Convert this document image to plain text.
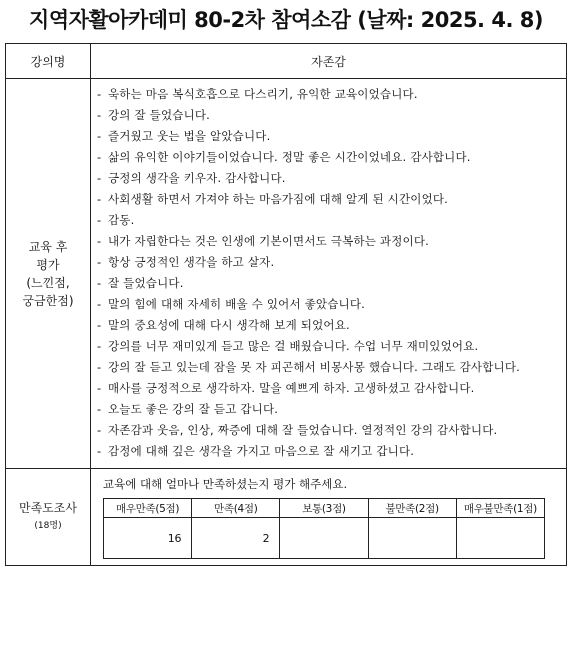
지역자활아카데미 80-2차 참여소감 (날짜: 2025. 4. 8)
강의명	자존감

교육 후
평가
(느낀점,
궁금한점)

- 욱하는 마음 복식호흡으로 다스리기, 유익한 교육이었습니다.
- 강의 잘 들었습니다.
- 즐거웠고 웃는 법을 알았습니다.
- 삶의 유익한 이야기들이었습니다. 정말 좋은 시간이었네요. 감사합니다.
- 긍정의 생각을 키우자. 감사합니다.
- 사회생활 하면서 가져야 하는 마음가짐에 대해 알게 된 시간이었다.
- 감동.
- 내가 자립한다는 것은 인생에 기본이면서도 극복하는 과정이다.
- 항상 긍정적인 생각을 하고 살자.
- 잘 들었습니다.
- 말의 힘에 대해 자세히 배울 수 있어서 좋았습니다.
- 말의 중요성에 대해 다시 생각해 보게 되었어요.
- 강의를 너무 재미있게 듣고 많은 걸 배웠습니다. 수업 너무 재미있었어요.
- 강의 잘 듣고 있는데 잠을 못 자 피곤해서 비몽사몽 했습니다. 그래도 감사합니다.
- 매사를 긍정적으로 생각하자. 말을 예쁘게 하자. 고생하셨고 감사합니다.
- 오늘도 좋은 강의 잘 듣고 갑니다.
- 자존감과 웃음, 인상, 짜증에 대해 잘 들었습니다. 열정적인 강의 감사합니다.
- 감정에 대해 깊은 생각을 가지고 마음으로 잘 새기고 갑니다.

만족도조사
(18명)

교육에 대해 얼마나 만족하셨는지 평가 해주세요.
매우만족(5점)	만족(4점)	보통(3점)	불만족(2점)	매우불만족(1점)
16	2			
